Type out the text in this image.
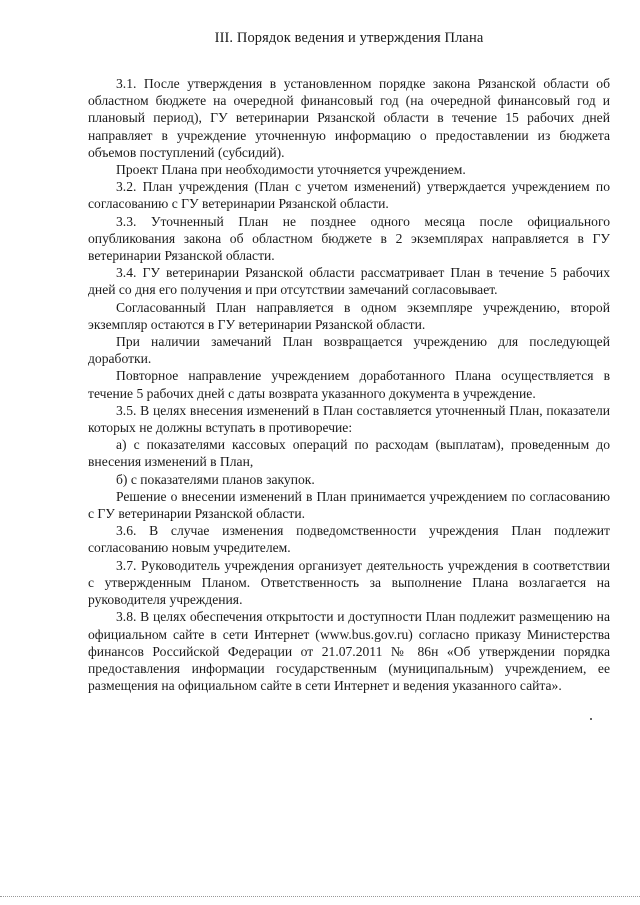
III. Порядок ведения и утверждения Плана

3.1. После утверждения в установленном порядке закона Рязанской области об областном бюджете на очередной финансовый год (на очередной финансовый год и плановый период), ГУ ветеринарии Рязанской области в течение 15 рабочих дней направляет в учреждение уточненную информацию о предоставлении из бюджета объемов поступлений (субсидий).

Проект Плана при необходимости уточняется учреждением.

3.2. План учреждения (План с учетом изменений) утверждается учреждением по согласованию с ГУ ветеринарии Рязанской области.

3.3. Уточненный План не позднее одного месяца после официального опубликования закона об областном бюджете в 2 экземплярах направляется в ГУ ветеринарии Рязанской области.

3.4. ГУ ветеринарии Рязанской области рассматривает План в течение 5 рабочих дней со дня его получения и при отсутствии замечаний согласовывает.

Согласованный План направляется в одном экземпляре учреждению, второй экземпляр остаются в ГУ ветеринарии Рязанской области.

При наличии замечаний План возвращается учреждению для последующей доработки.

Повторное направление учреждением доработанного Плана осуществляется в течение 5 рабочих дней с даты возврата указанного документа в учреждение.

3.5. В целях внесения изменений в План составляется уточненный План, показатели которых не должны вступать в противоречие:

а) с показателями кассовых операций по расходам (выплатам), проведенным до внесения изменений в План,

б) с показателями планов закупок.

Решение о внесении изменений в План принимается учреждением по согласованию с ГУ ветеринарии Рязанской области.

3.6. В случае изменения подведомственности учреждения План подлежит согласованию новым учредителем.

3.7. Руководитель учреждения организует деятельность учреждения в соответствии с утвержденным Планом. Ответственность за выполнение Плана возлагается на руководителя учреждения.

3.8. В целях обеспечения открытости и доступности План подлежит размещению на официальном сайте в сети Интернет (www.bus.gov.ru) согласно приказу Министерства финансов Российской Федерации от 21.07.2011 № 86н «Об утверждении порядка предоставления информации государственным (муниципальным) учреждением, ее размещения на официальном сайте в сети Интернет и ведения указанного сайта».
